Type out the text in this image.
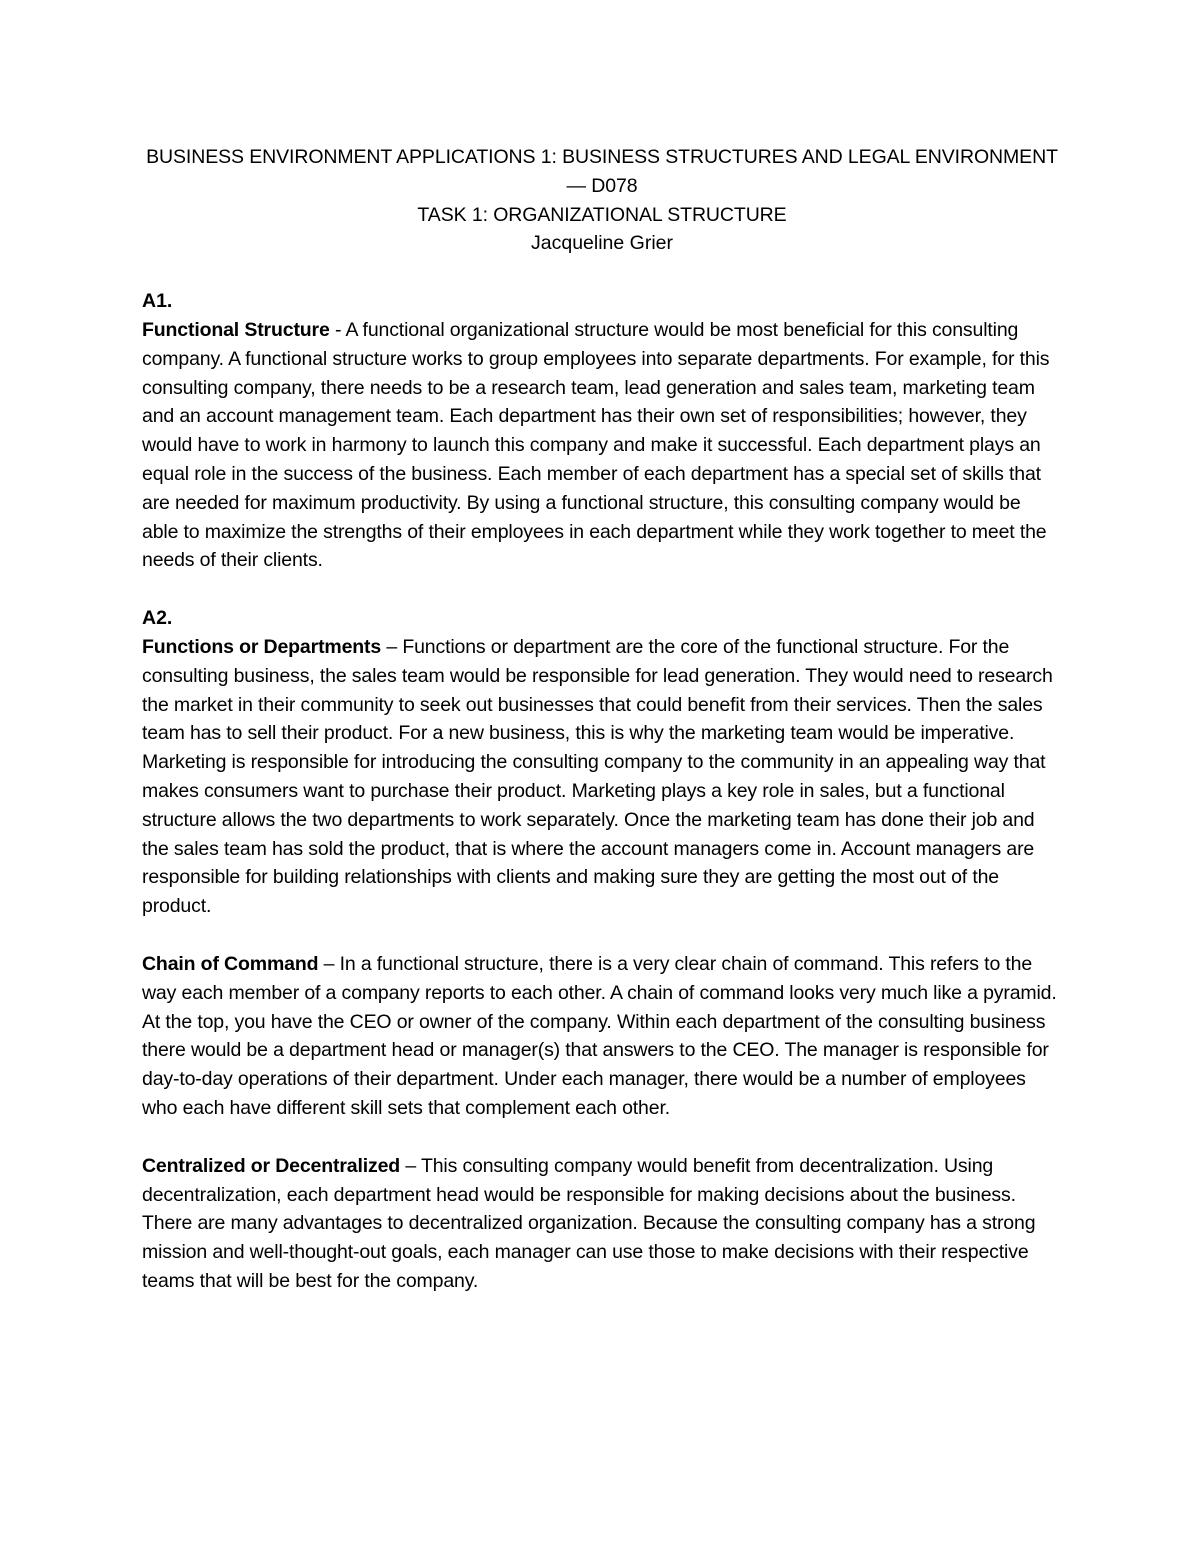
BUSINESS ENVIRONMENT APPLICATIONS 1: BUSINESS STRUCTURES AND LEGAL ENVIRONMENT
— D078
TASK 1: ORGANIZATIONAL STRUCTURE
Jacqueline Grier
A1.

Functional Structure - A functional organizational structure would be most beneficial for this consulting company. A functional structure works to group employees into separate departments. For example, for this consulting company, there needs to be a research team, lead generation and sales team, marketing team and an account management team. Each department has their own set of responsibilities; however, they would have to work in harmony to launch this company and make it successful. Each department plays an equal role in the success of the business. Each member of each department has a special set of skills that are needed for maximum productivity. By using a functional structure, this consulting company would be able to maximize the strengths of their employees in each department while they work together to meet the needs of their clients.

A2.

Functions or Departments – Functions or department are the core of the functional structure. For the consulting business, the sales team would be responsible for lead generation. They would need to research the market in their community to seek out businesses that could benefit from their services. Then the sales team has to sell their product. For a new business, this is why the marketing team would be imperative. Marketing is responsible for introducing the consulting company to the community in an appealing way that makes consumers want to purchase their product. Marketing plays a key role in sales, but a functional structure allows the two departments to work separately. Once the marketing team has done their job and the sales team has sold the product, that is where the account managers come in. Account managers are responsible for building relationships with clients and making sure they are getting the most out of the product.

Chain of Command – In a functional structure, there is a very clear chain of command. This refers to the way each member of a company reports to each other. A chain of command looks very much like a pyramid. At the top, you have the CEO or owner of the company. Within each department of the consulting business there would be a department head or manager(s) that answers to the CEO. The manager is responsible for day-to-day operations of their department. Under each manager, there would be a number of employees who each have different skill sets that complement each other.

Centralized or Decentralized – This consulting company would benefit from decentralization. Using decentralization, each department head would be responsible for making decisions about the business. There are many advantages to decentralized organization. Because the consulting company has a strong mission and well-thought-out goals, each manager can use those to make decisions with their respective teams that will be best for the company.
